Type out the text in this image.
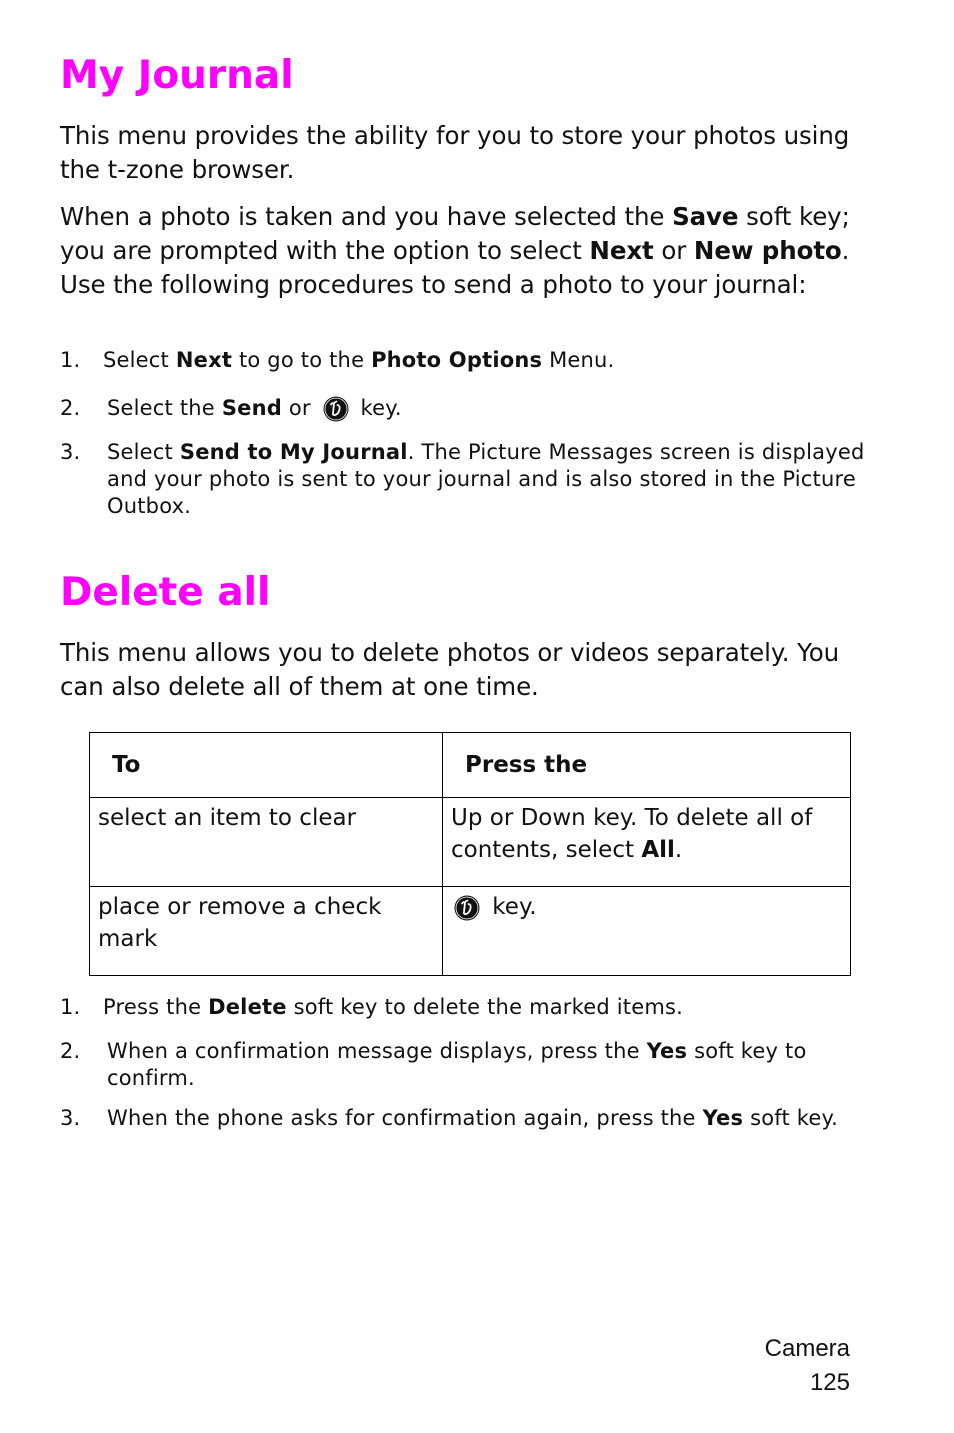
My Journal

This menu provides the ability for you to store your photos using the t-zone browser.

When a photo is taken and you have selected the Save soft key; you are prompted with the option to select Next or New photo. Use the following procedures to send a photo to your journal:

1. Select Next to go to the Photo Options Menu.
2. Select the Send or  key.
3. Select Send to My Journal. The Picture Messages screen is displayed and your photo is sent to your journal and is also stored in the Picture Outbox.
Delete all

This menu allows you to delete photos or videos separately. You can also delete all of them at one time.

To	Press the
select an item to clear	Up or Down key. To delete all of contents, select All.
place or remove a check mark	key.
1. Press the Delete soft key to delete the marked items.
2. When a confirmation message displays, press the Yes soft key to confirm.
3. When the phone asks for confirmation again, press the Yes soft key.
Camera
125
